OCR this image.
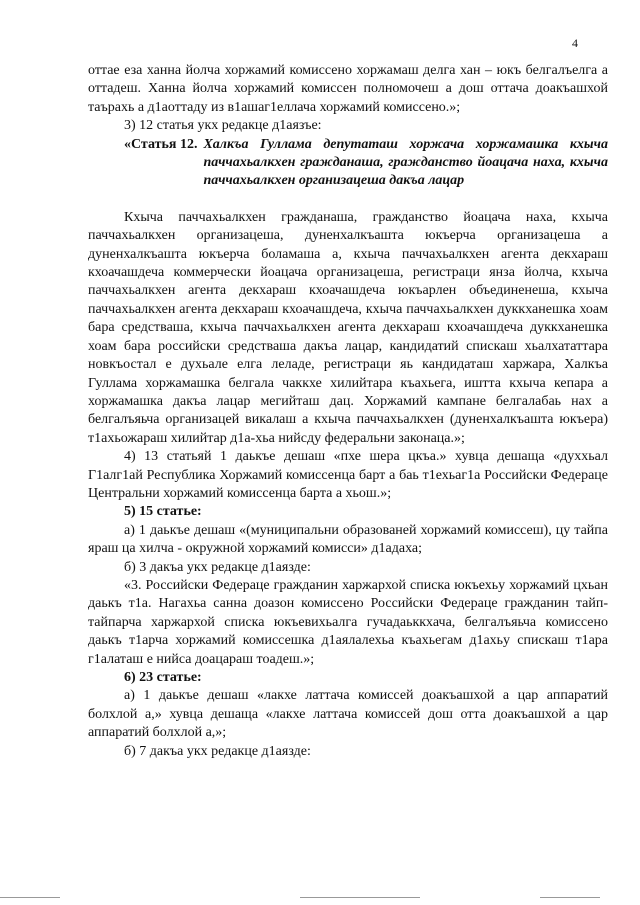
4

оттае еза ханна йолча хоржамий комиссено хоржамаш делга хан – юкъ белгалъелга а оттадеш. Ханна йолча хоржамий комиссен полномочеш а дош оттача доакъашхой таърахь а д1аоттаду из в1ашаг1еллача хоржамий комиссено.»;

3) 12 статья укх редакце д1аязъе:

«Статья 12. Халкъа Гуллама депутаташ хоржача хоржамашка кхыча паччахьалкхен гражданаша, гражданство йоацача наха, кхыча паччахьалкхен организацеша дакъа лацар

Кхыча паччахьалкхен гражданаша, гражданство йоацача наха, кхыча паччахьалкхен организацеша, дуненхалкъашта юкъерча организацеша а дуненхалкъашта юкъерча боламаша а, кхыча паччахьалкхен агента декхараш кхоачашдеча коммерчески йоацача организацеша, регистраци янза йолча, кхыча паччахьалкхен агента декхараш кхоачашдеча юкъарлен объединенеша, кхыча паччахьалкхен агента декхараш кхоачашдеча, кхыча паччахьалкхен дуккханешка хоам бара средстваша, кхыча паччахьалкхен агента декхараш кхоачашдеча дуккханешка хоам бара российски средстваша дакъа лацар, кандидатий спискаш хьалхататтара новкъостал е духьале елга леладе, регистраци яь кандидаташ харжара, Халкъа Гуллама хоржамашка белгала чаккхе хилийтара къахьега, иштта кхыча кепара а хоржамашка дакъа лацар мегийташ дац. Хоржамий кампане белгалабаь нах а белгалъяьча организацей викалаш а кхыча паччахьалкхен (дуненхалкъашта юкъера) т1ахьожараш хилийтар д1а-хьа нийсду федеральни законаца.»;

4) 13 статьяй 1 даькъе дешаш «пхе шера цкъа.» хувца дешаща «духхьал Г1алг1ай Республика Хоржамий комиссенца барт а баь т1ехьаг1а Российски Федераце Центральни хоржамий комиссенца барта а хьош.»;

5) 15 статье:

а) 1 даькъе дешаш «(муниципальни образованей хоржамий комиссеш), цу тайпа яраш ца хилча - окружной хоржамий комисси» д1адаха;

б) 3 дакъа укх редакце д1аязде:

«3. Российски Федераце гражданин харжархой списка юкъехьу хоржамий цхьан даькъ т1а. Нагахьа санна доазон комиссено Российски Федераце гражданин тайп-тайпарча харжархой списка юкъевихьалга гучадаьккхача, белгалъяьча комиссено даькъ т1арча хоржамий комиссешка д1аялалехьа къахьегам д1ахьу спискаш т1ара г1алаташ е нийса доацараш тоадеш.»;

6) 23 статье:

а) 1 даькъе дешаш «лакхе латтача комиссей доакъашхой а цар аппаратий болхлой а,» хувца дешаща «лакхе латтача комиссей дош отта доакъашхой а цар аппаратий болхлой а,»;

б) 7 дакъа укх редакце д1аязде:
